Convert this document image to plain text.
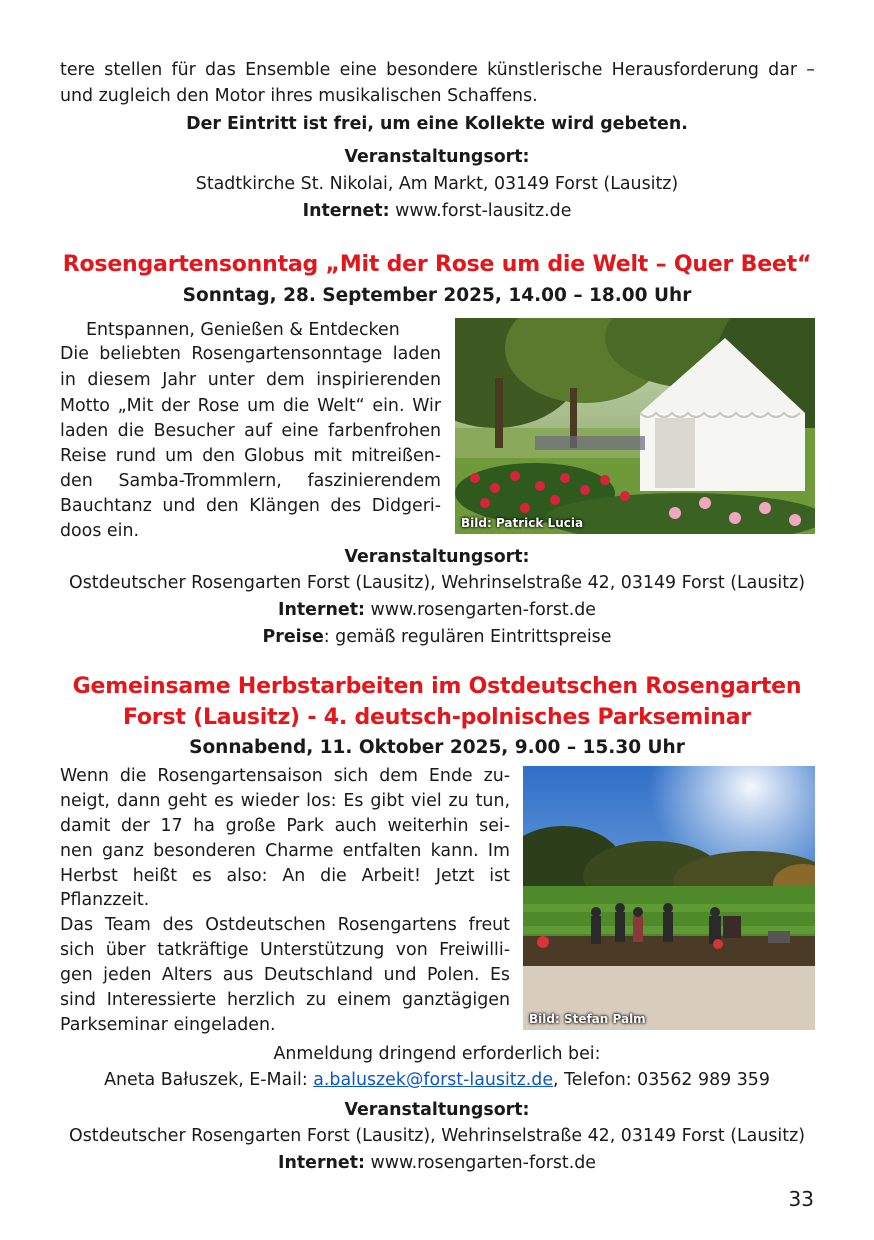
tere stellen für das Ensemble eine besondere künstlerische Herausforderung dar –
und zugleich den Motor ihres musikalischen Schaffens.
Der Eintritt ist frei, um eine Kollekte wird gebeten.
Veranstaltungsort:
Stadtkirche St. Nikolai, Am Markt, 03149 Forst (Lausitz)
Internet: www.forst-lausitz.de
Rosengartensonntag „Mit der Rose um die Welt – Quer Beet“
Sonntag, 28. September 2025, 14.00 – 18.00 Uhr
Entspannen, Genießen & Entdecken
Die beliebten Rosengartensonntage laden
in diesem Jahr unter dem inspirierenden
Motto „Mit der Rose um die Welt“ ein. Wir
laden die Besucher auf eine farbenfrohen
Reise rund um den Globus mit mitreißen-
den Samba-Trommlern, faszinierendem
Bauchtanz und den Klängen des Didgeri-
doos ein.	Bild: Patrick Lucia
Veranstaltungsort:
Ostdeutscher Rosengarten Forst (Lausitz), Wehrinselstraße 42, 03149 Forst (Lausitz)
Internet: www.rosengarten-forst.de
Preise: gemäß regulären Eintrittspreise
Gemeinsame Herbstarbeiten im Ostdeutschen Rosengarten
Forst (Lausitz) - 4. deutsch-polnisches Parkseminar
Sonnabend, 11. Oktober 2025, 9.00 – 15.30 Uhr
Wenn die Rosengartensaison sich dem Ende zu-
neigt, dann geht es wieder los: Es gibt viel zu tun,
damit der 17 ha große Park auch weiterhin sei-
nen ganz besonderen Charme entfalten kann. Im
Herbst heißt es also: An die Arbeit! Jetzt ist
Pflanzzeit.
Das Team des Ostdeutschen Rosengartens freut
sich über tatkräftige Unterstützung von Freiwilli-
gen jeden Alters aus Deutschland und Polen. Es
sind Interessierte herzlich zu einem ganztägigen
Parkseminar eingeladen.	Bild: Stefan Palm
Anmeldung dringend erforderlich bei:
Aneta Bałuszek, E-Mail: a.baluszek@forst-lausitz.de, Telefon: 03562 989 359
Veranstaltungsort:
Ostdeutscher Rosengarten Forst (Lausitz), Wehrinselstraße 42, 03149 Forst (Lausitz)
Internet: www.rosengarten-forst.de
33
